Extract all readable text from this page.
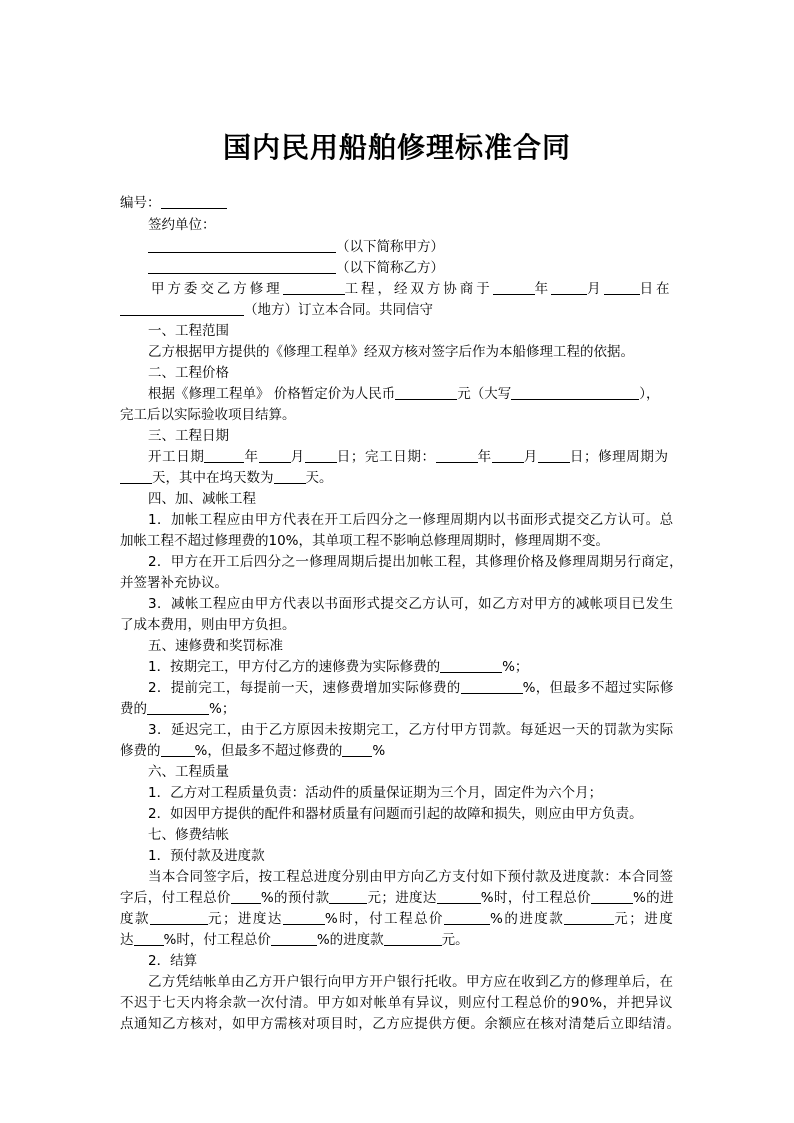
国内民用船舶修理标准合同
编号：
签约单位：
（以下简称甲方）
（以下简称乙方）
甲方委交乙方修理	工程，经双方协商于	年	月	日在
（地方）订立本合同。共同信守
一、工程范围
乙方根据甲方提供的《修理工程单》经双方核对签字后作为本船修理工程的依据。
二、工程价格
根据《修理工程单》 价格暂定价为人民币	元（大写	），
完工后以实际验收项目结算。
三、工程日期
开工日期	年 月 日；完工日期：	年 月 日；修理周期为
天，其中在坞天数为 天。
四、加、减帐工程
1．加帐工程应由甲方代表在开工后四分之一修理周期内以书面形式提交乙方认可。总
加帐工程不超过修理费的10%，其单项工程不影响总修理周期时，修理周期不变。
2．甲方在开工后四分之一修理周期后提出加帐工程，其修理价格及修理周期另行商定，
并签署补充协议。
3．减帐工程应由甲方代表以书面形式提交乙方认可，如乙方对甲方的减帐项目已发生
了成本费用，则由甲方负担。
五、速修费和奖罚标准
1．按期完工，甲方付乙方的速修费为实际修费的	%；
2．提前完工，每提前一天，速修费增加实际修费的	%，但最多不超过实际修
费的	%；
3．延迟完工，由于乙方原因未按期完工，乙方付甲方罚款。每延迟一天的罚款为实际
修费的	%，但最多不超过修费的 %
六、工程质量
1．乙方对工程质量负责：活动件的质量保证期为三个月，固定件为六个月；
2．如因甲方提供的配件和器材质量有问题而引起的故障和损失，则应由甲方负责。
七、修费结帐
1．预付款及进度款
当本合同签字后，按工程总进度分别由甲方向乙方支付如下预付款及进度款：本合同签
字后，付工程总价 %的预付款	元；进度达	%时，付工程总价	%的进
度款	元；进度达	%时，付工程总价	%的进度款	元；进度
达 %时，付工程总价	%的进度款	元。
2．结算
乙方凭结帐单由乙方开户银行向甲方开户银行托收。甲方应在收到乙方的修理单后，在
不迟于七天内将余款一次付清。甲方如对帐单有异议，则应付工程总价的90%，并把异议
点通知乙方核对，如甲方需核对项目时，乙方应提供方便。余额应在核对清楚后立即结清。
